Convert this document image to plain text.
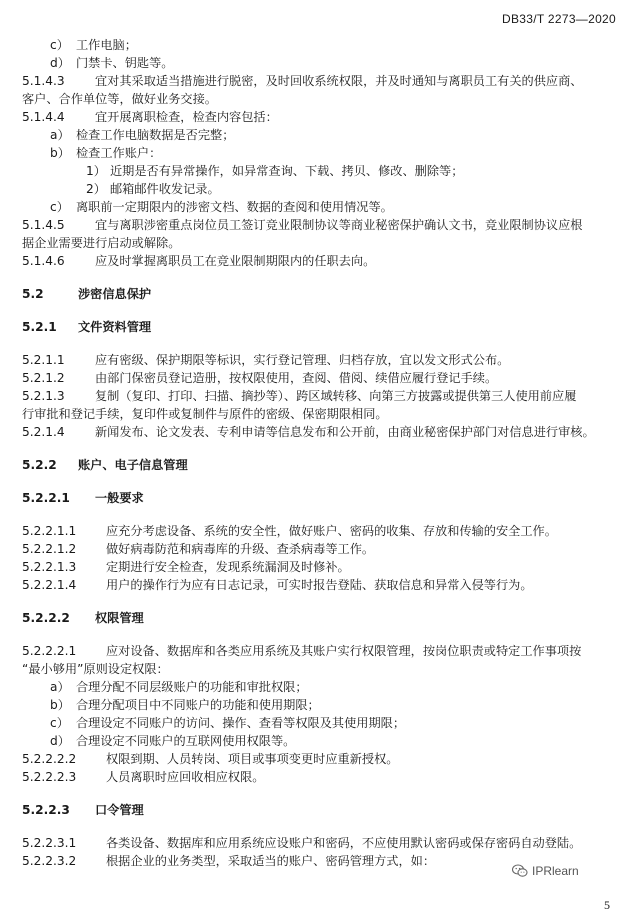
DB33/T 2273—2020
c） 工作电脑；
d） 门禁卡、钥匙等。
5.1.4.3 宜对其采取适当措施进行脱密，及时回收系统权限，并及时通知与离职员工有关的供应商、
客户、合作单位等，做好业务交接。
5.1.4.4 宜开展离职检查，检查内容包括：
a） 检查工作电脑数据是否完整；
b） 检查工作账户：
1） 近期是否有异常操作，如异常查询、下载、拷贝、修改、删除等；
2） 邮箱邮件收发记录。
c） 离职前一定期限内的涉密文档、数据的查阅和使用情况等。
5.1.4.5 宜与离职涉密重点岗位员工签订竞业限制协议等商业秘密保护确认文书，竞业限制协议应根
据企业需要进行启动或解除。
5.1.4.6 应及时掌握离职员工在竞业限制期限内的任职去向。
5.2	涉密信息保护
5.2.1 文件资料管理
5.2.1.1 应有密级、保护期限等标识，实行登记管理、归档存放，宜以发文形式公布。
5.2.1.2 由部门保密员登记造册，按权限使用，查阅、借阅、续借应履行登记手续。
5.2.1.3 复制（复印、打印、扫描、摘抄等）、跨区域转移、向第三方披露或提供第三人使用前应履
行审批和登记手续，复印件或复制件与原件的密级、保密期限相同。
5.2.1.4 新闻发布、论文发表、专利申请等信息发布和公开前，由商业秘密保护部门对信息进行审核。
5.2.2 账户、电子信息管理
5.2.2.1 一般要求
5.2.2.1.1 应充分考虑设备、系统的安全性，做好账户、密码的收集、存放和传输的安全工作。
5.2.2.1.2 做好病毒防范和病毒库的升级、查杀病毒等工作。
5.2.2.1.3 定期进行安全检查，发现系统漏洞及时修补。
5.2.2.1.4 用户的操作行为应有日志记录，可实时报告登陆、获取信息和异常入侵等行为。
5.2.2.2 权限管理
5.2.2.2.1 应对设备、数据库和各类应用系统及其账户实行权限管理，按岗位职责或特定工作事项按
“最小够用”原则设定权限：
a） 合理分配不同层级账户的功能和审批权限；
b） 合理分配项目中不同账户的功能和使用期限；
c） 合理设定不同账户的访问、操作、查看等权限及其使用期限；
d） 合理设定不同账户的互联网使用权限等。
5.2.2.2.2 权限到期、人员转岗、项目或事项变更时应重新授权。
5.2.2.2.3 人员离职时应回收相应权限。
5.2.2.3 口令管理
5.2.2.3.1 各类设备、数据库和应用系统应设账户和密码，不应使用默认密码或保存密码自动登陆。
5.2.2.3.2 根据企业的业务类型，采取适当的账户、密码管理方式，如：
IPRlearn
5
